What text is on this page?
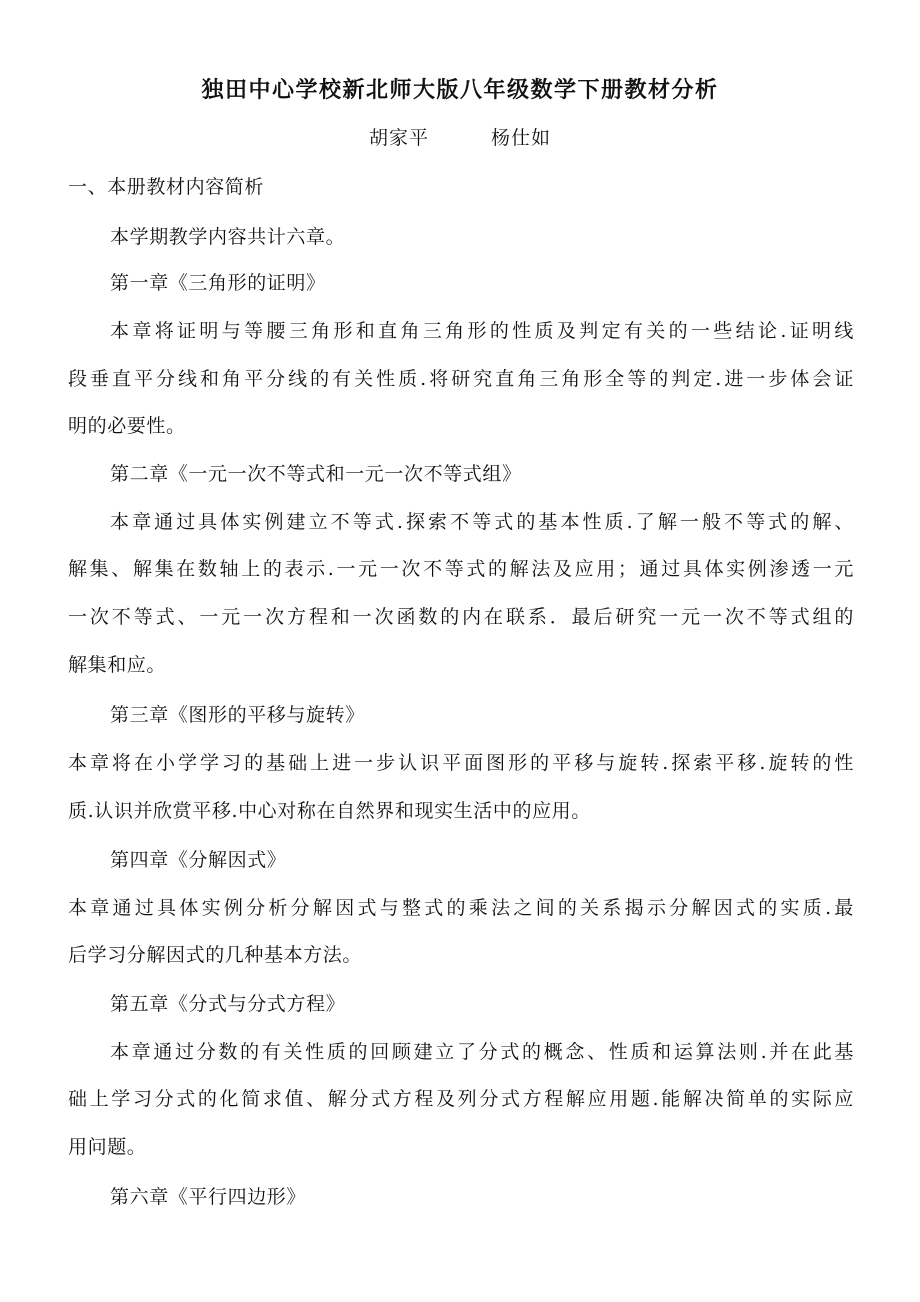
独田中心学校新北师大版八年级数学下册教材分析
胡家平	杨仕如
一、本册教材内容简析
本学期教学内容共计六章。
第一章《三角形的证明》
本章将证明与等腰三角形和直角三角形的性质及判定有关的一些结论.证明线
段垂直平分线和角平分线的有关性质.将研究直角三角形全等的判定.进一步体会证
明的必要性。
第二章《一元一次不等式和一元一次不等式组》
本章通过具体实例建立不等式.探索不等式的基本性质.了解一般不等式的解、
解集、解集在数轴上的表示.一元一次不等式的解法及应用；通过具体实例渗透一元
一次不等式、一元一次方程和一次函数的内在联系．最后研究一元一次不等式组的
解集和应。
第三章《图形的平移与旋转》
本章将在小学学习的基础上进一步认识平面图形的平移与旋转.探索平移.旋转的性
质.认识并欣赏平移.中心对称在自然界和现实生活中的应用。
第四章《分解因式》
本章通过具体实例分析分解因式与整式的乘法之间的关系揭示分解因式的实质.最
后学习分解因式的几种基本方法。
第五章《分式与分式方程》
本章通过分数的有关性质的回顾建立了分式的概念、性质和运算法则.并在此基
础上学习分式的化简求值、解分式方程及列分式方程解应用题.能解决简单的实际应
用问题。
第六章《平行四边形》
